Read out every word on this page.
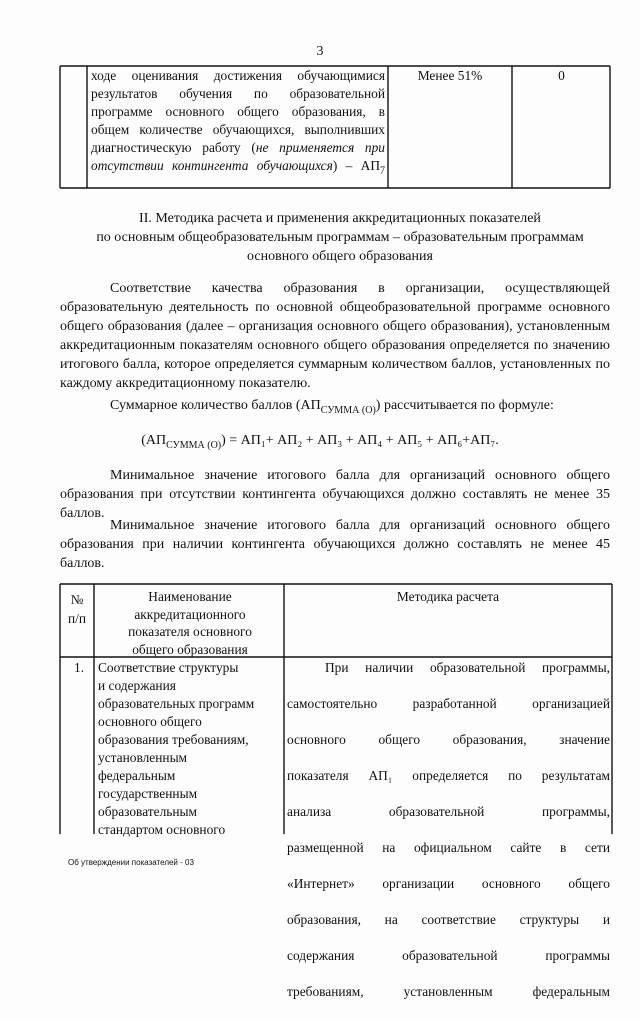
3
ходе оценивания достижения обучающимися результатов обучения по образовательной программе основного общего образования, в общем количестве обучающихся, выполнивших диагностическую работу (не применяется при отсутствии контингента обучающихся) – $АП_7$
Менее 51%	0
II. Методика расчета и применения аккредитационных показателей
по основным общеобразовательным программам – образовательным программам
основного общего образования
Соответствие качества образования в организации, осуществляющей образовательную деятельность по основной общеобразовательной программе основного общего образования (далее – организация основного общего образования), установленным аккредитационным показателям основного общего образования определяется по значению итогового балла, которое определяется суммарным количеством баллов, установленных по каждому аккредитационному показателю.
Суммарное количество баллов $(АП_{СУММА (О)})$ рассчитывается по формуле:
$(АП_{СУММА (О)}) = АП_1+ АП_2 + АП_3 + АП_4 + АП_5 + АП_6+АП_7$.
Минимальное значение итогового балла для организаций основного общего образования при отсутствии контингента обучающихся должно составлять не менее 35 баллов.
Минимальное значение итогового балла для организаций основного общего образования при наличии контингента обучающихся должно составлять не менее 45 баллов.
№ п/п
Наименование аккредитационного показателя основного общего образования
Методика расчета
1.	Соответствие структуры
и содержания
образовательных программ
основного общего
образования требованиям,
установленным
федеральным
государственным
образовательным
стандартом основного
При наличии образовательной программы,
самостоятельно разработанной организацией
основного общего образования, значение
показателя АП₁ определяется по результатам
анализа образовательной программы,
размещенной на официальном сайте в сети
«Интернет» организации основного общего
образования, на соответствие структуры и
содержания образовательной программы
требованиям, установленным федеральным
Об утверждении показателей - 03
